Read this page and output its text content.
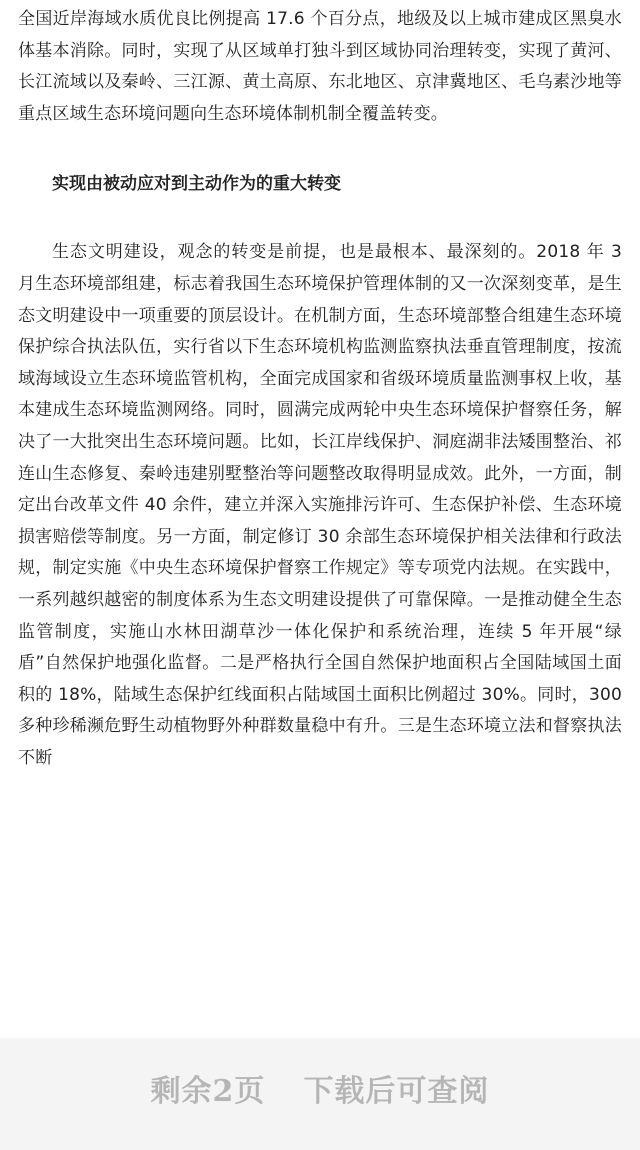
全国近岸海域水质优良比例提高 17.6 个百分点，地级及以上城市建成区黑臭水体基本消除。同时，实现了从区域单打独斗到区域协同治理转变，实现了黄河、长江流域以及秦岭、三江源、黄土高原、东北地区、京津冀地区、毛乌素沙地等重点区域生态环境问题向生态环境体制机制全覆盖转变。

实现由被动应对到主动作为的重大转变

生态文明建设，观念的转变是前提，也是最根本、最深刻的。2018 年 3 月生态环境部组建，标志着我国生态环境保护管理体制的又一次深刻变革，是生态文明建设中一项重要的顶层设计。在机制方面，生态环境部整合组建生态环境保护综合执法队伍，实行省以下生态环境机构监测监察执法垂直管理制度，按流域海域设立生态环境监管机构，全面完成国家和省级环境质量监测事权上收，基本建成生态环境监测网络。同时，圆满完成两轮中央生态环境保护督察任务，解决了一大批突出生态环境问题。比如，长江岸线保护、洞庭湖非法矮围整治、祁连山生态修复、秦岭违建别墅整治等问题整改取得明显成效。此外，一方面，制定出台改革文件 40 余件，建立并深入实施排污许可、生态保护补偿、生态环境损害赔偿等制度。另一方面，制定修订 30 余部生态环境保护相关法律和行政法规，制定实施《中央生态环境保护督察工作规定》等专项党内法规。在实践中，一系列越织越密的制度体系为生态文明建设提供了可靠保障。一是推动健全生态监管制度，实施山水林田湖草沙一体化保护和系统治理，连续 5 年开展“绿盾”自然保护地强化监督。二是严格执行全国自然保护地面积占全国陆域国土面积的 18%，陆域生态保护红线面积占陆域国土面积比例超过 30%。同时，300 多种珍稀濒危野生动植物野外种群数量稳中有升。三是生态环境立法和督察执法不断

剩余2页 下载后可查阅
